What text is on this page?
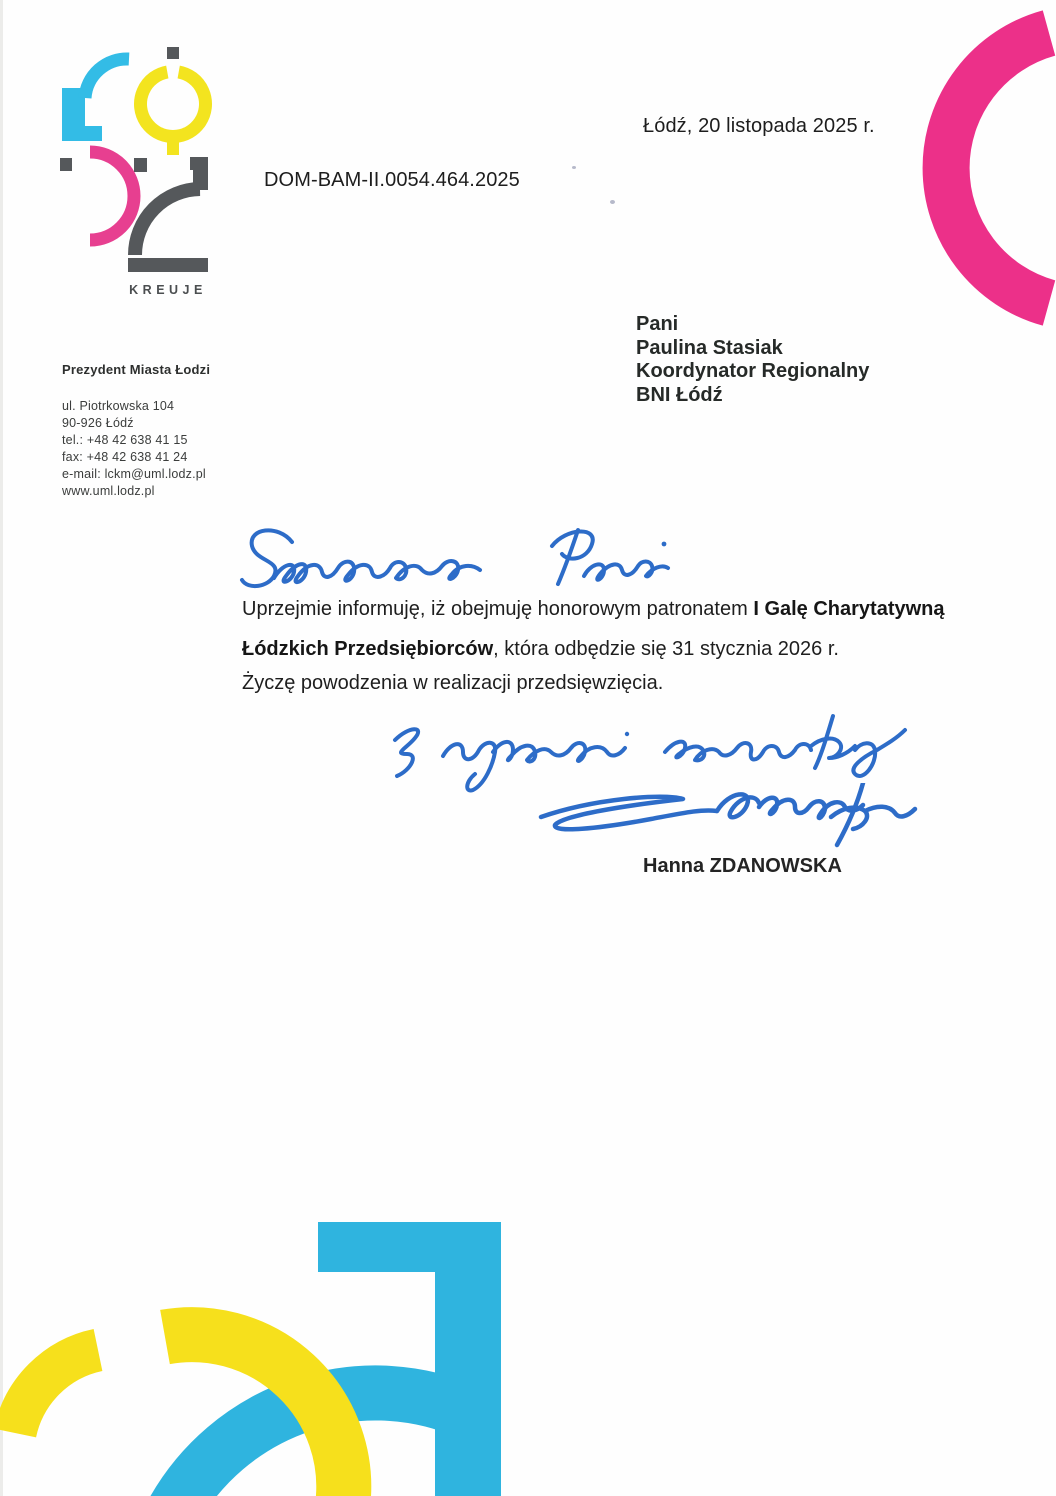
KREUJE
Łódź, 20 listopada 2025 r.
DOM-BAM-II.0054.464.2025
Pani
Paulina Stasiak
Koordynator Regionalny
BNI Łódź
Prezydent Miasta Łodzi
ul. Piotrkowska 104
90-926 Łódź
tel.: +48 42 638 41 15
fax: +48 42 638 41 24
e-mail: lckm@uml.lodz.pl
www.uml.lodz.pl
Uprzejmie informuję, iż obejmuję honorowym patronatem I Galę Charytatywną
Łódzkich Przedsiębiorców, która odbędzie się 31 stycznia 2026 r.
Życzę powodzenia w realizacji przedsięwzięcia.
Hanna ZDANOWSKA
